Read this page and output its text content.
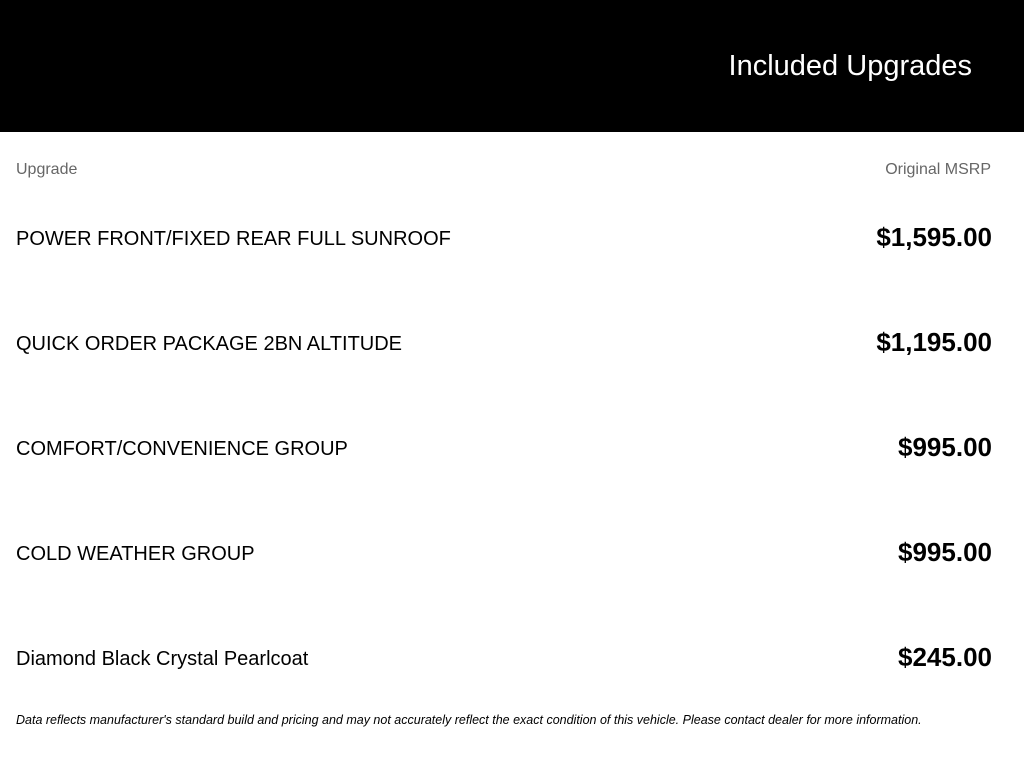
Included Upgrades
Upgrade	Original MSRP
POWER FRONT/FIXED REAR FULL SUNROOF	$1,595.00
QUICK ORDER PACKAGE 2BN ALTITUDE	$1,195.00
COMFORT/CONVENIENCE GROUP	$995.00
COLD WEATHER GROUP	$995.00
Diamond Black Crystal Pearlcoat	$245.00
Data reflects manufacturer's standard build and pricing and may not accurately reflect the exact condition of this vehicle. Please contact dealer for more information.
